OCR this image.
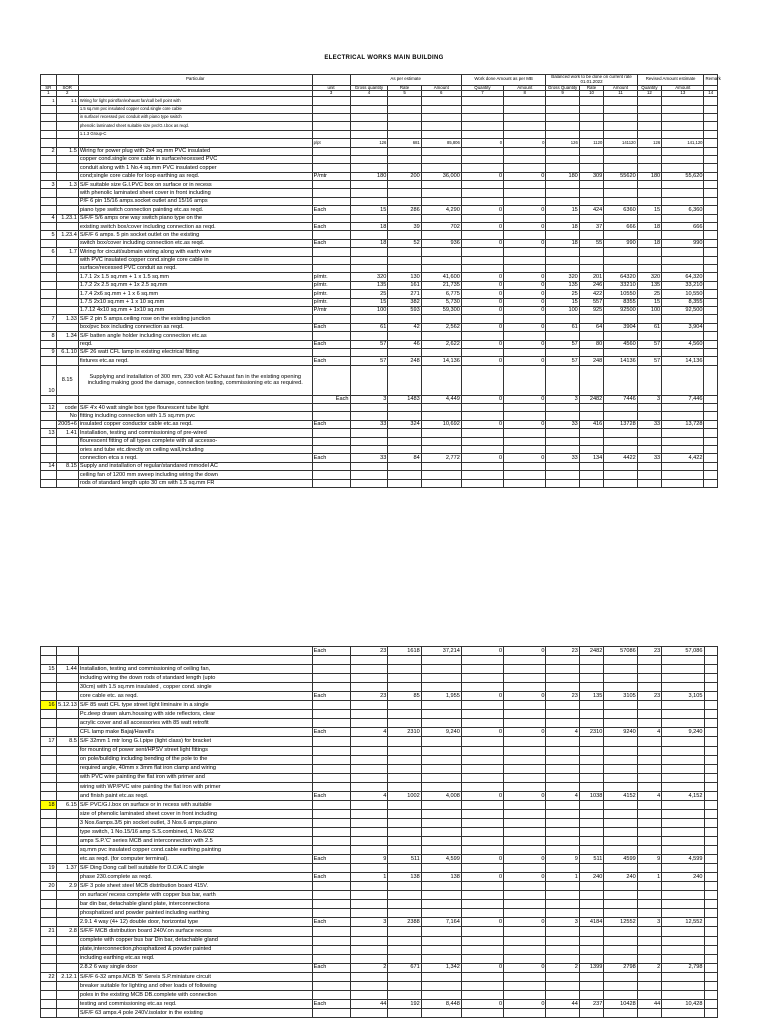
ELECTRICAL WORKS MAIN BUILDING
		Particular		As per estimate			Work done Amount as per MB		Balanced work to be done on current rate 01.01.2022			Revised Amount estimate		Remark
SR	SOR		unit	Gross quantity	Rate	Amount	Quantity	Amount	Gross Quantity	Rate	Amount	Quantity	Amount	
1	2		3	4	5	6	7	8	9	10	11	12	13	14
1	1.1	Wiring for light point/fan/exhaust fan/call bell point with												
		1.5 sq.mm pvc insulated copper cond.single core cable												
		in surface/ recessed pvc conduit with piano type switch												
		phenolic laminated sheet suitable size pvc/G.I.box as reqd.												
		1.1.3 Group-C												
			p/pt	126	681	85,806	0	0	126	1120	141120	126	141,120	
2	1.5	Wiring for power plug with 2x4 sq.mm PVC insulated												
		copper cond.single core cable in surface/recessed PVC												
		conduit along with 1 No.4 sq.mm PVC insulated copper												
		cond;single core cable for loop earthing as reqd.	P/mtr	180	200	36,000	0	0	180	309	55620	180	55,620	
3	1.3	S/F suitable size G.I.PVC box on surface or in recess												
		with phenolic laminated sheet cover in front including												
		P/F 6 pin 15/16 amps.socket outlet and 15/16 amps												
		piano type switch connection painting etc.as reqd.	Each	15	286	4,290	0	0	15	424	6360	15	6,360	
4	1.23.1	S/F/F 5/6 amps one way switch piano type on the												
		existing switch box/cover including connection as reqd.	Each	18	39	702	0	0	18	37	666	18	666	
5	1.23.4	S/F/F 6 amps. 5 pin socket outlet on the existing												
		switch box/cover including connection etc.as reqd.	Each	18	52	936	0	0	18	55	990	18	990	
6	1.7	Wiring for circuit/submain wiring along with earth wire												
		with PVC insulated copper cond.single core cable in												
		surface/recessed PVC conduit as reqd.												
		1.7.1 2x 1.5 sq.mm + 1 x 1.5 sq.mm	p/mtr.	320	130	41,600	0	0	320	201	64320	320	64,320	
		1.7.2 2x 2.5 sq.mm + 1x 2.5 sq.mm	p/mtr.	135	161	21,735	0	0	135	246	33210	135	33,210	
		1.7.4 2x6 sq.mm + 1 x 6 sq.mm	p/mtr.	25	271	6,775	0	0	25	422	10550	25	10,550	
		1.7.5 2x10 sq.mm + 1 x 10 sq.mm	p/mtr.	15	382	5,730	0	0	15	557	8355	15	8,355	
		1.7.12 4x10 sq.mm + 1x10 sq.mm	P/mtr	100	593	59,300	0	0	100	925	92500	100	92,500	
7	1.33	S/F 2 pin 5 amps.ceiling rose on the existing junction												
		box/pvc box including connection as reqd.	Each	61	42	2,562	0	0	61	64	3904	61	3,904	
8	1.34	S/F batten angle holder including connection etc.as												
		reqd.	Each	57	46	2,622	0	0	57	80	4560	57	4,560	
9	6.1.10	S/F 26 watt CFL lamp in existing electrical fitting												
		fixtures etc.as reqd.	Each	57	248	14,136	0	0	57	248	14136	57	14,136	
10	8.15	Supplying and installation of 300 mm, 230 volt AC Exhaust fan in the existing opening including making good the damage, connection testing, commissioning etc as required.												
			Each	3	1483	4,449	0	0	3	2482	7446	3	7,446	
12	code	S/F 4'x 40 watt single box type flourescent tube light												
	No	fitting including connection with 1.5 sq.mm pvc												
	2005+6	insulated copper conductor cable etc.as reqd.	Each	33	324	10,692	0	0	33	416	13728	33	13,728	
13	1.41	Installation, testing and commissioning of pre-wired												
		flourescent fitting of all types complete with all accesso-												
		ories and tube etc.directly on ceiling wall,including												
		connection etca s reqd.	Each	33	84	2,772	0	0	33	134	4422	33	4,422	
14	8.15	Supply and installation of regular/standared mmodel AC												
		ceiling fan of 1200 mm sweep including wiring the down												
		rods of standard length upto 30 cm with 1.5 sq.mm FR												
			Each	23	1618	37,214	0	0	23	2482	57086	23	57,086	

15	1.44	Installation, testing and commissioning of ceiling fan,												
		including wiring the down rods of standard length (upto												
		30cm) with 1.5 sq.mm insulated , copper cond. single												
		core cable etc. as reqd.	Each	23	85	1,955	0	0	23	135	3105	23	3,105	
16	5.12.13	S/F 85 watt CFL type street light liminaire in a single												
		Pc.deep drawn alum.housing with side reflectors, clear												
		acrylic cover and all accessories with 85 watt retrofit												
		CFL lamp make Bajaj/Havell's	Each	4	2310	9,240	0	0	4	2310	9240	4	9,240	
17	8.5	S/F 32mm 1 mtr long G.I.pipe (light class) for bracket												
		for mounting of power sent/HPSV street light fittings												
		on pole/building including bending of the pole to the												
		required angle, 40mm x 3mm flat iron clamp and wiring												
		with PVC wire painting the flat iron with primer and												
		wiring with WP/PVC wire painting the flat iron with primer												
		and finish paint etc.as reqd.	Each	4	1002	4,008	0	0	4	1038	4152	4	4,152	
18	6.15	S/F PVC/G.I.box on surface or in recess with suitable												
		size of phenolic laminated sheet cover in front including												
		3 Nos.6amps.3/5 pin socket outlet, 3 Nos.6 amps.piano												
		type switch, 1 No.15/16 amp S.S.combined, 1 No.6/32												
		amps S.P.'C' series MCB and interconnection with 2.5												
		sq.mm pvc insulated copper cond.cable earthing painting												
		etc.as reqd. (for computer terminal).	Each	9	511	4,599	0	0	9	511	4599	9	4,599	
19	1.37	S/F Ding Dong call bell suitable for D.C/A.C single												
		phase 230.complete as reqd.	Each	1	138	138	0	0	1	240	240	1	240	
20	2.9	S/F 3 pole sheet steel MCB distribution board 415V.												
		on surface/ recess complete with copper bus bar, earth												
		bar din bar, detachable gland plate, interconnections												
		phosphatized and powder painted including earthing												
		2.9.1 4 way (4+ 12) double door, horizontal type	Each	3	2388	7,164	0	0	3	4184	12552	3	12,552	
21	2.8	S/F/F MCB distribution board 240V.on surface recess												
		complete with copper bus bar Din bar, detachable gland												
		plate,interconnection,phosphatized & powder painted												
		including earthing etc.as reqd.												
		2.8.2 6 way single door	Each	2	671	1,342	0	0	2	1399	2798	2	2,798	
22	2.12.1	S/F/F 6-32 amps.MCB 'B' Sereis S.P.miniature circuit												
		breaker suitable for lighting and other loads of following												
		poles in the existing MCB DB.complete with connection												
		testing and commissioning etc.as reqd.	Each	44	192	8,448	0	0	44	237	10428	44	10,428	
		S/F/F 63 amps.4 pole 240V.isolator in the existing												
